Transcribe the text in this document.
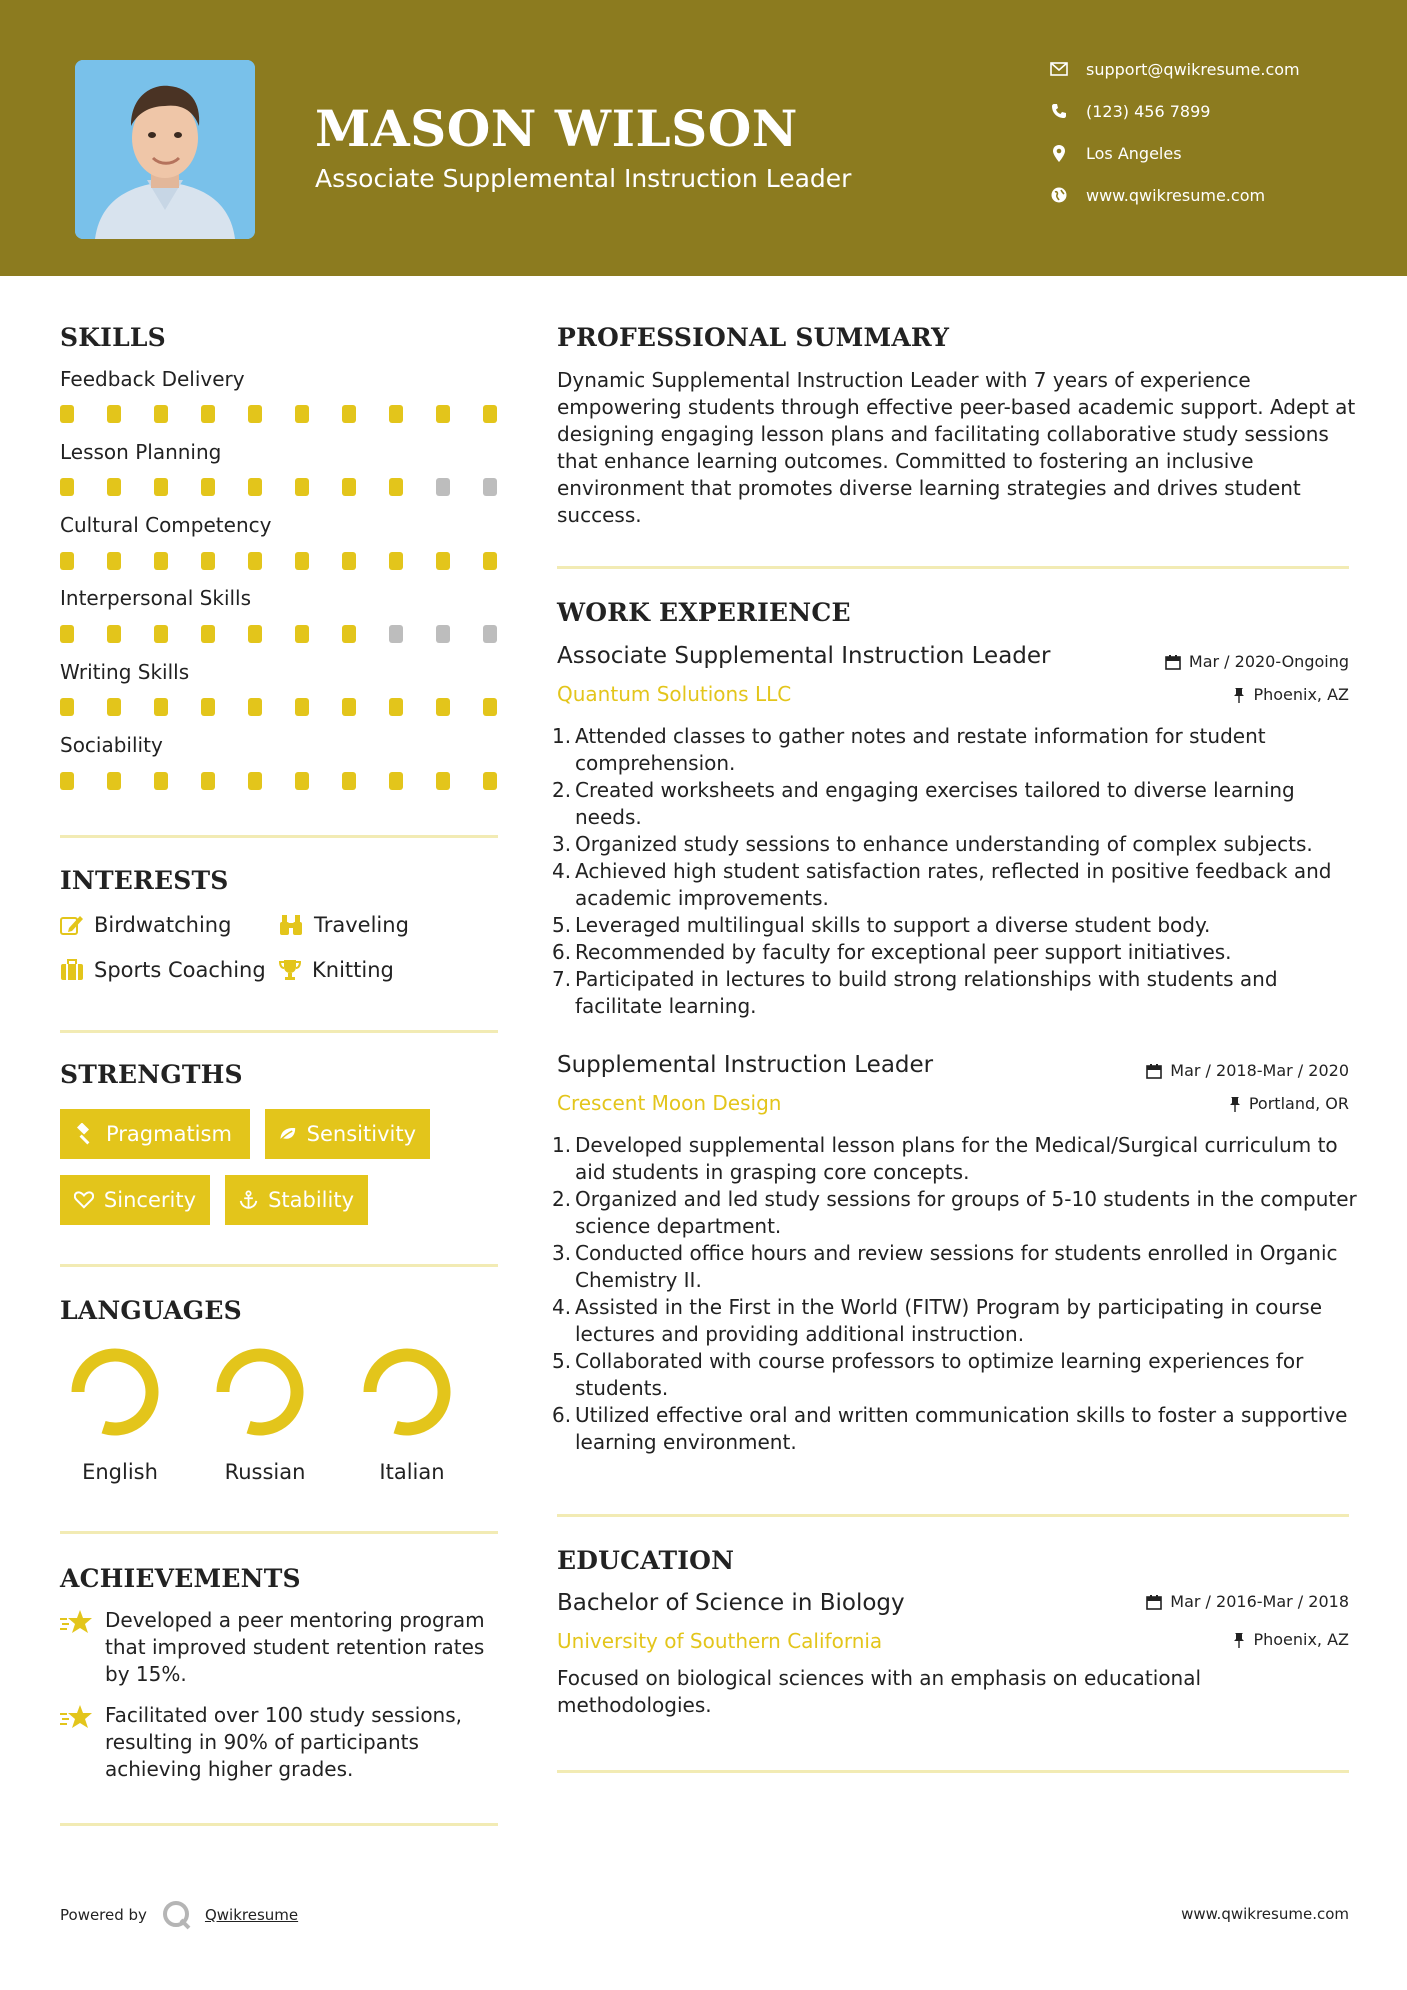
MASON WILSON
Associate Supplemental Instruction Leader
support@qwikresume.com
(123) 456 7899
Los Angeles
www.qwikresume.com
SKILLS
Feedback Delivery
Lesson Planning
Cultural Competency
Interpersonal Skills
Writing Skills
Sociability
INTERESTS
Birdwatching	Traveling
Sports Coaching Knitting
STRENGTHS
Pragmatism	Sensitivity
Sincerity	Stability
LANGUAGES
English	Russian	Italian
ACHIEVEMENTS
Developed a peer mentoring program that improved student retention rates by 15%.
Facilitated over 100 study sessions, resulting in 90% of participants achieving higher grades.
PROFESSIONAL SUMMARY
Dynamic Supplemental Instruction Leader with 7 years of experience empowering students through effective peer-based academic support. Adept at designing engaging lesson plans and facilitating collaborative study sessions that enhance learning outcomes. Committed to fostering an inclusive environment that promotes diverse learning strategies and drives student success.
WORK EXPERIENCE
Associate Supplemental Instruction Leader	Mar / 2020-Ongoing
Quantum Solutions LLC	Phoenix, AZ
1. Attended classes to gather notes and restate information for student comprehension.
2. Created worksheets and engaging exercises tailored to diverse learning needs.
3. Organized study sessions to enhance understanding of complex subjects.
4. Achieved high student satisfaction rates, reflected in positive feedback and academic improvements.
5. Leveraged multilingual skills to support a diverse student body.
6. Recommended by faculty for exceptional peer support initiatives.
7. Participated in lectures to build strong relationships with students and facilitate learning.
Supplemental Instruction Leader	Mar / 2018-Mar / 2020
Crescent Moon Design	Portland, OR
1. Developed supplemental lesson plans for the Medical/Surgical curriculum to aid students in grasping core concepts.
2. Organized and led study sessions for groups of 5-10 students in the computer science department.
3. Conducted office hours and review sessions for students enrolled in Organic Chemistry II.
4. Assisted in the First in the World (FITW) Program by participating in course lectures and providing additional instruction.
5. Collaborated with course professors to optimize learning experiences for students.
6. Utilized effective oral and written communication skills to foster a supportive learning environment.
EDUCATION
Bachelor of Science in Biology	Mar / 2016-Mar / 2018
University of Southern California	Phoenix, AZ
Focused on biological sciences with an emphasis on educational methodologies.
Powered by	Qwikresume	www.qwikresume.com
